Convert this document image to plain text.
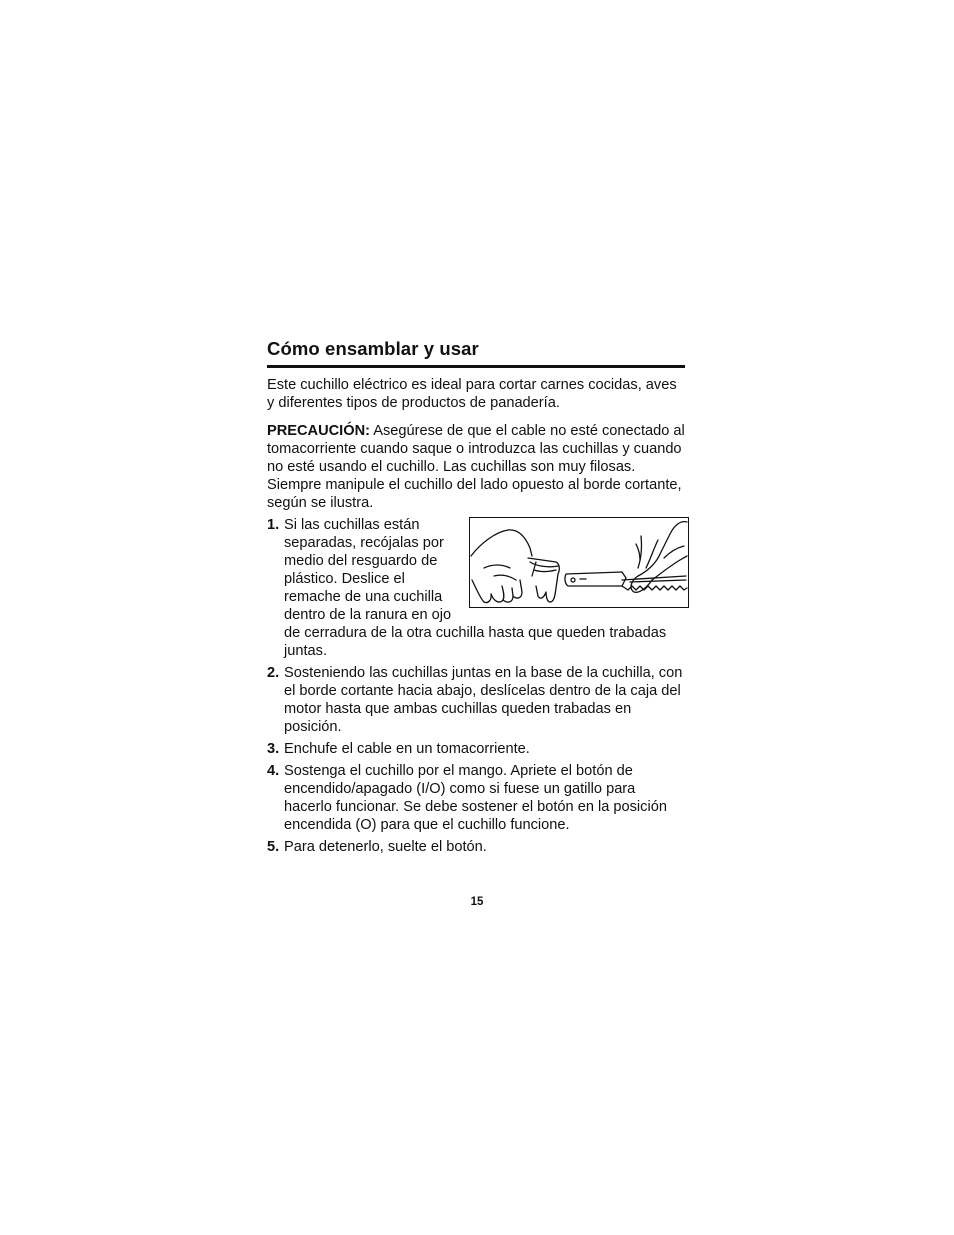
Cómo ensamblar y usar

Este cuchillo eléctrico es ideal para cortar carnes cocidas, aves y diferentes tipos de productos de panadería.

PRECAUCIÓN: Asegúrese de que el cable no esté conectado al tomacorriente cuando saque o introduzca las cuchillas y cuando no esté usando el cuchillo. Las cuchillas son muy filosas. Siempre manipule el cuchillo del lado opuesto al borde cortante, según se ilustra.

1. Si las cuchillas están separadas, recójalas por medio del resguardo de plástico. Deslice el remache de una cuchilla dentro de la ranura en ojo de cerradura de la otra cuchilla hasta que queden trabadas juntas.
2. Sosteniendo las cuchillas juntas en la base de la cuchilla, con el borde cortante hacia abajo, deslícelas dentro de la caja del motor hasta que ambas cuchillas queden trabadas en posición.
3. Enchufe el cable en un tomacorriente.
4. Sostenga el cuchillo por el mango. Apriete el botón de encendido/apagado (I/O) como si fuese un gatillo para hacerlo funcionar. Se debe sostener el botón en la posición encendida (O) para que el cuchillo funcione.
5. Para detenerlo, suelte el botón.
15
